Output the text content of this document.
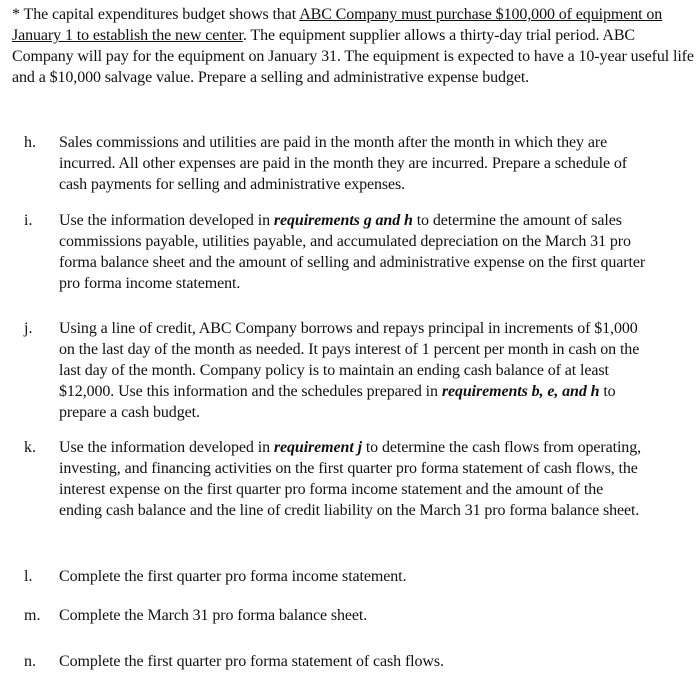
* The capital expenditures budget shows that ABC Company must purchase $100,000 of equipment on January 1 to establish the new center. The equipment supplier allows a thirty-day trial period. ABC Company will pay for the equipment on January 31. The equipment is expected to have a 10-year useful life and a $10,000 salvage value. Prepare a selling and administrative expense budget.
h. Sales commissions and utilities are paid in the month after the month in which they are incurred. All other expenses are paid in the month they are incurred. Prepare a schedule of cash payments for selling and administrative expenses.
i. Use the information developed in requirements g and h to determine the amount of sales commissions payable, utilities payable, and accumulated depreciation on the March 31 pro forma balance sheet and the amount of selling and administrative expense on the first quarter pro forma income statement.
j. Using a line of credit, ABC Company borrows and repays principal in increments of $1,000 on the last day of the month as needed. It pays interest of 1 percent per month in cash on the last day of the month. Company policy is to maintain an ending cash balance of at least $12,000. Use this information and the schedules prepared in requirements b, e, and h to prepare a cash budget.
k. Use the information developed in requirement j to determine the cash flows from operating, investing, and financing activities on the first quarter pro forma statement of cash flows, the interest expense on the first quarter pro forma income statement and the amount of the ending cash balance and the line of credit liability on the March 31 pro forma balance sheet.
l. Complete the first quarter pro forma income statement.
m. Complete the March 31 pro forma balance sheet.
n. Complete the first quarter pro forma statement of cash flows.
